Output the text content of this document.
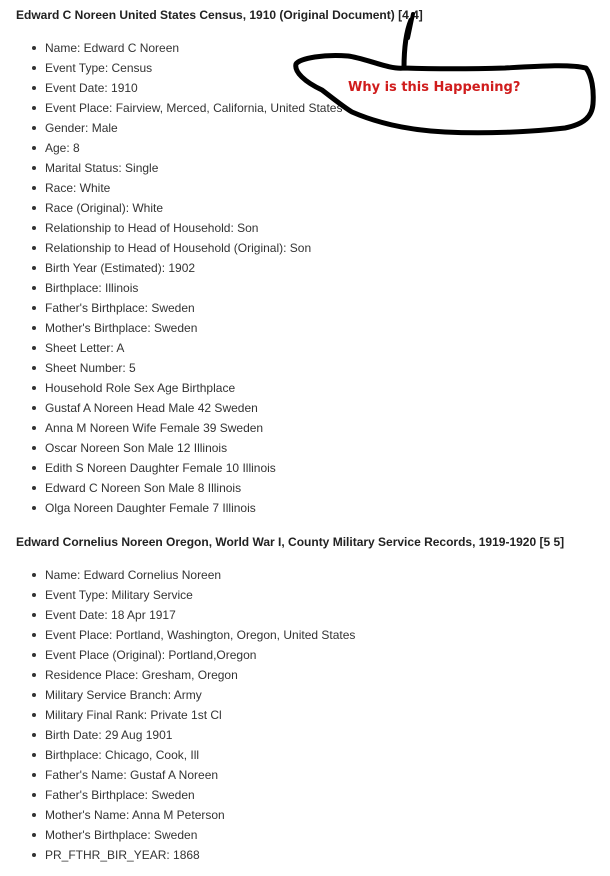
Edward C Noreen United States Census, 1910 (Original Document) [4 4]
Name: Edward C Noreen
Event Type: Census
Event Date: 1910
Event Place: Fairview, Merced, California, United States
Gender: Male
Age: 8
Marital Status: Single
Race: White
Race (Original): White
Relationship to Head of Household: Son
Relationship to Head of Household (Original): Son
Birth Year (Estimated): 1902
Birthplace: Illinois
Father's Birthplace: Sweden
Mother's Birthplace: Sweden
Sheet Letter: A
Sheet Number: 5
Household Role Sex Age Birthplace
Gustaf A Noreen Head Male 42 Sweden
Anna M Noreen Wife Female 39 Sweden
Oscar Noreen Son Male 12 Illinois
Edith S Noreen Daughter Female 10 Illinois
Edward C Noreen Son Male 8 Illinois
Olga Noreen Daughter Female 7 Illinois
Edward Cornelius Noreen Oregon, World War I, County Military Service Records, 1919-1920 [5 5]
Name: Edward Cornelius Noreen
Event Type: Military Service
Event Date: 18 Apr 1917
Event Place: Portland, Washington, Oregon, United States
Event Place (Original): Portland,Oregon
Residence Place: Gresham, Oregon
Military Service Branch: Army
Military Final Rank: Private 1st Cl
Birth Date: 29 Aug 1901
Birthplace: Chicago, Cook, Ill
Father's Name: Gustaf A Noreen
Father's Birthplace: Sweden
Mother's Name: Anna M Peterson
Mother's Birthplace: Sweden
PR_FTHR_BIR_YEAR: 1868
Why is this Happening?
